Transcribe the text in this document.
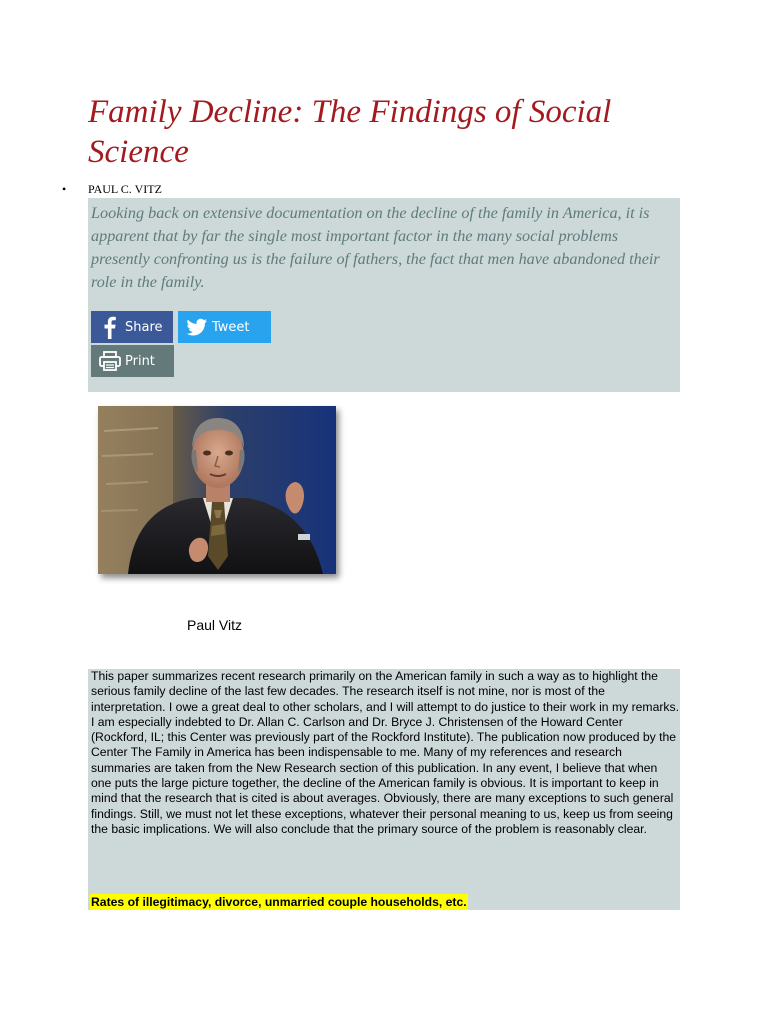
Family Decline: The Findings of Social Science
• PAUL C. VITZ

Looking back on extensive documentation on the decline of the family in America, it is apparent that by far the single most important factor in the many social problems presently confronting us is the failure of fathers, the fact that men have abandoned their role in the family.

Share	Tweet
Print
Paul Vitz

This paper summarizes recent research primarily on the American family in such a way as to highlight the serious family decline of the last few decades. The research itself is not mine, nor is most of the interpretation. I owe a great deal to other scholars, and I will attempt to do justice to their work in my remarks. I am especially indebted to Dr. Allan C. Carlson and Dr. Bryce J. Christensen of the Howard Center (Rockford, IL; this Center was previously part of the Rockford Institute). The publication now produced by the Center The Family in America has been indispensable to me. Many of my references and research summaries are taken from the New Research section of this publication. In any event, I believe that when one puts the large picture together, the decline of the American family is obvious. It is important to keep in mind that the research that is cited is about averages. Obviously, there are many exceptions to such general findings. Still, we must not let these exceptions, whatever their personal meaning to us, keep us from seeing the basic implications. We will also conclude that the primary source of the problem is reasonably clear.

Rates of illegitimacy, divorce, unmarried couple households, etc.
